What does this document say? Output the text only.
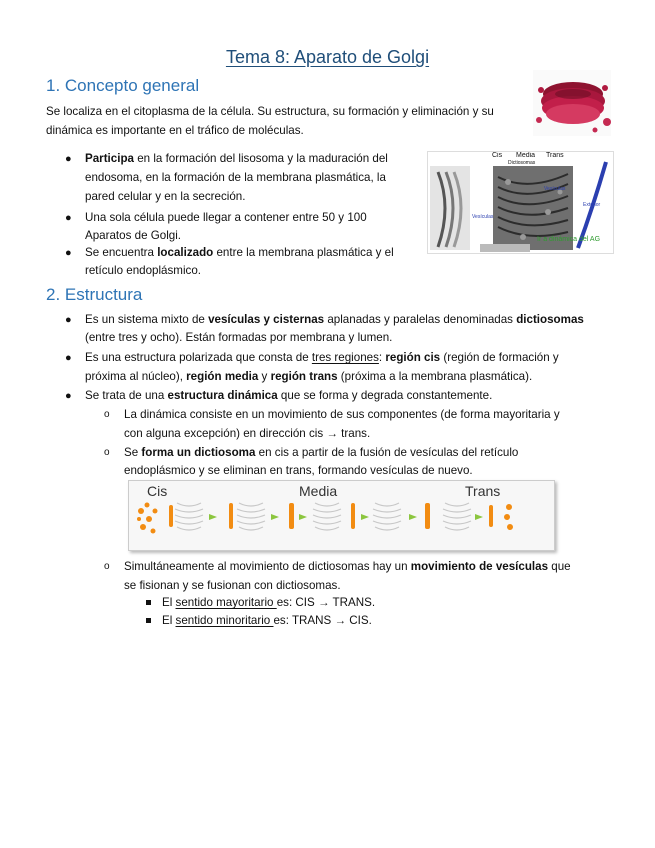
Tema 8: Aparato de Golgi
1. Concepto general
Se localiza en el citoplasma de la célula. Su estructura, su formación y eliminación y su
dinámica es importante en el tráfico de moléculas.
● Participa en la formación del lisosoma y la maduración del
endosoma, en la formación de la membrana plasmática, la
pared celular y en la secreción.
● Una sola célula puede llegar a contener entre 50 y 100
Aparatos de Golgi.
● Se encuentra localizado entre la membrana plasmática y el
retículo endoplásmico.
Cis Media Trans
Dictiosomas
Vesículas
Vesículas
Exterior
Ir a dinámica del AG
2. Estructura
● Es un sistema mixto de vesículas y cisternas aplanadas y paralelas denominadas dictiosomas
(entre tres y ocho). Están formadas por membrana y lumen.
● Es una estructura polarizada que consta de tres regiones: región cis (región de formación y
próxima al núcleo), región media y región trans (próxima a la membrana plasmática).
● Se trata de una estructura dinámica que se forma y degrada constantemente.
o La dinámica consiste en un movimiento de sus componentes (de forma mayoritaria y
con alguna excepción) en dirección cis → trans.
o Se forma un dictiosoma en cis a partir de la fusión de vesículas del retículo
endoplásmico y se eliminan en trans, formando vesículas de nuevo.
Cis	Media	Trans
o Simultáneamente al movimiento de dictiosomas hay un movimiento de vesículas que
se fisionan y se fusionan con dictiosomas.
El sentido mayoritario es: CIS → TRANS.
El sentido minoritario es: TRANS → CIS.
